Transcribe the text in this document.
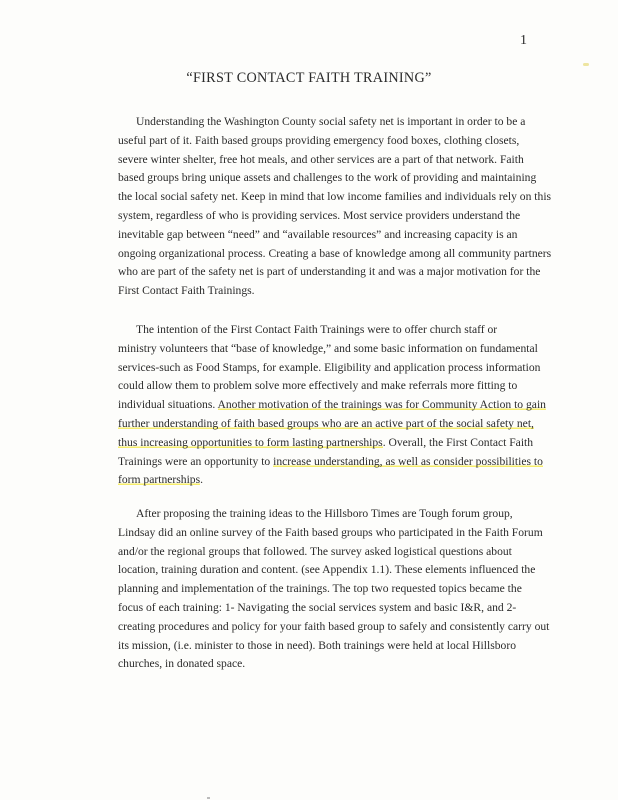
1

“FIRST CONTACT FAITH TRAINING”

Understanding the Washington County social safety net is important in order to be a
useful part of it. Faith based groups providing emergency food boxes, clothing closets,
severe winter shelter, free hot meals, and other services are a part of that network. Faith
based groups bring unique assets and challenges to the work of providing and maintaining
the local social safety net. Keep in mind that low income families and individuals rely on this
system, regardless of who is providing services. Most service providers understand the
inevitable gap between “need” and “available resources” and increasing capacity is an
ongoing organizational process. Creating a base of knowledge among all community partners
who are part of the safety net is part of understanding it and was a major motivation for the
First Contact Faith Trainings.

The intention of the First Contact Faith Trainings were to offer church staff or
ministry volunteers that “base of knowledge,” and some basic information on fundamental
services-such as Food Stamps, for example. Eligibility and application process information
could allow them to problem solve more effectively and make referrals more fitting to
individual situations. Another motivation of the trainings was for Community Action to gain
further understanding of faith based groups who are an active part of the social safety net,
thus increasing opportunities to form lasting partnerships. Overall, the First Contact Faith
Trainings were an opportunity to increase understanding, as well as consider possibilities to
form partnerships.

After proposing the training ideas to the Hillsboro Times are Tough forum group,
Lindsay did an online survey of the Faith based groups who participated in the Faith Forum
and/or the regional groups that followed. The survey asked logistical questions about
location, training duration and content. (see Appendix 1.1). These elements influenced the
planning and implementation of the trainings. The top two requested topics became the
focus of each training: 1- Navigating the social services system and basic I&R, and 2-
creating procedures and policy for your faith based group to safely and consistently carry out
its mission, (i.e. minister to those in need). Both trainings were held at local Hillsboro
churches, in donated space.
